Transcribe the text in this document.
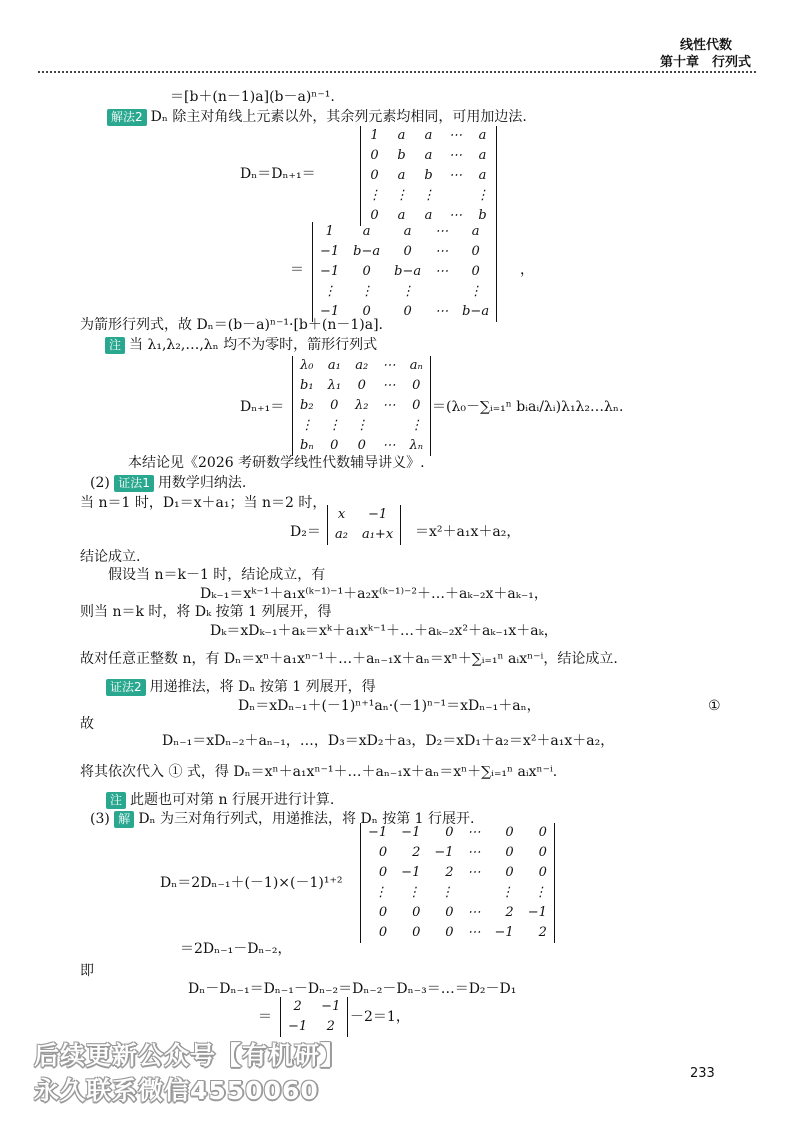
线性代数
第十章　行列式
＝[b＋(n－1)a](b－a)ⁿ⁻¹.
解法2 Dₙ 除主对角线上元素以外，其余列元素均相同，可用加边法.
Dₙ＝Dₙ₊₁＝
1	a	a	⋯	a
0	b	a	⋯	a
0	a	b	⋯	a
⋮	⋮	⋮		⋮
0	a	a	⋯	b
＝
1	a	a	⋯	a
−1	b−a	0	⋯	0
−1	0	b−a	⋯	0
⋮	⋮	⋮		⋮
−1	0	0	⋯	b−a
，
为箭形行列式，故 Dₙ＝(b－a)ⁿ⁻¹·[b＋(n－1)a].
注 当 λ₁,λ₂,…,λₙ 均不为零时，箭形行列式
Dₙ₊₁＝
λ₀	a₁	a₂	⋯	aₙ
b₁	λ₁	0	⋯	0
b₂	0	λ₂	⋯	0
⋮	⋮	⋮		⋮
bₙ	0	0	⋯	λₙ
＝(λ₀－∑ᵢ₌₁ⁿ bᵢaᵢ/λᵢ)λ₁λ₂…λₙ.
本结论见《2026 考研数学线性代数辅导讲义》.
(2) 证法1 用数学归纳法.
当 n＝1 时，D₁＝x＋a₁；当 n＝2 时，
D₂＝
x	−1
a₂	a₁+x ＝x²＋a₁x＋a₂，
结论成立.
假设当 n＝k－1 时，结论成立，有
Dₖ₋₁＝xᵏ⁻¹＋a₁x⁽ᵏ⁻¹⁾⁻¹＋a₂x⁽ᵏ⁻¹⁾⁻²＋…＋aₖ₋₂x＋aₖ₋₁，
则当 n＝k 时，将 Dₖ 按第 1 列展开，得
Dₖ＝xDₖ₋₁＋aₖ＝xᵏ＋a₁xᵏ⁻¹＋…＋aₖ₋₂x²＋aₖ₋₁x＋aₖ，
故对任意正整数 n，有 Dₙ＝xⁿ＋a₁xⁿ⁻¹＋…＋aₙ₋₁x＋aₙ＝xⁿ＋∑ᵢ₌₁ⁿ aᵢxⁿ⁻ⁱ，结论成立.
证法2 用递推法，将 Dₙ 按第 1 列展开，得
Dₙ＝xDₙ₋₁＋(－1)ⁿ⁺¹aₙ·(－1)ⁿ⁻¹＝xDₙ₋₁＋aₙ，	①
故
Dₙ₋₁＝xDₙ₋₂＋aₙ₋₁，…，D₃＝xD₂＋a₃，D₂＝xD₁＋a₂＝x²＋a₁x＋a₂，
将其依次代入 ① 式，得 Dₙ＝xⁿ＋a₁xⁿ⁻¹＋…＋aₙ₋₁x＋aₙ＝xⁿ＋∑ᵢ₌₁ⁿ aᵢxⁿ⁻ⁱ.
注 此题也可对第 n 行展开进行计算.
(3) 解 Dₙ 为三对角行列式，用递推法，将 Dₙ 按第 1 行展开.
Dₙ＝2Dₙ₋₁＋(－1)×(－1)¹⁺²
−1	−1	0	⋯	0	0
0	2	−1	⋯	0	0
0	−1	2	⋯	0	0
⋮	⋮	⋮		⋮	⋮
0	0	0	⋯	2	−1
0	0	0	⋯	−1	2
＝2Dₙ₋₁－Dₙ₋₂，
即
Dₙ－Dₙ₋₁＝Dₙ₋₁－Dₙ₋₂＝Dₙ₋₂－Dₙ₋₃＝…＝D₂－D₁
＝
2	−1
−1	2
－2＝1，
233
后续更新公众号【有机研】
永久联系微信4550060
